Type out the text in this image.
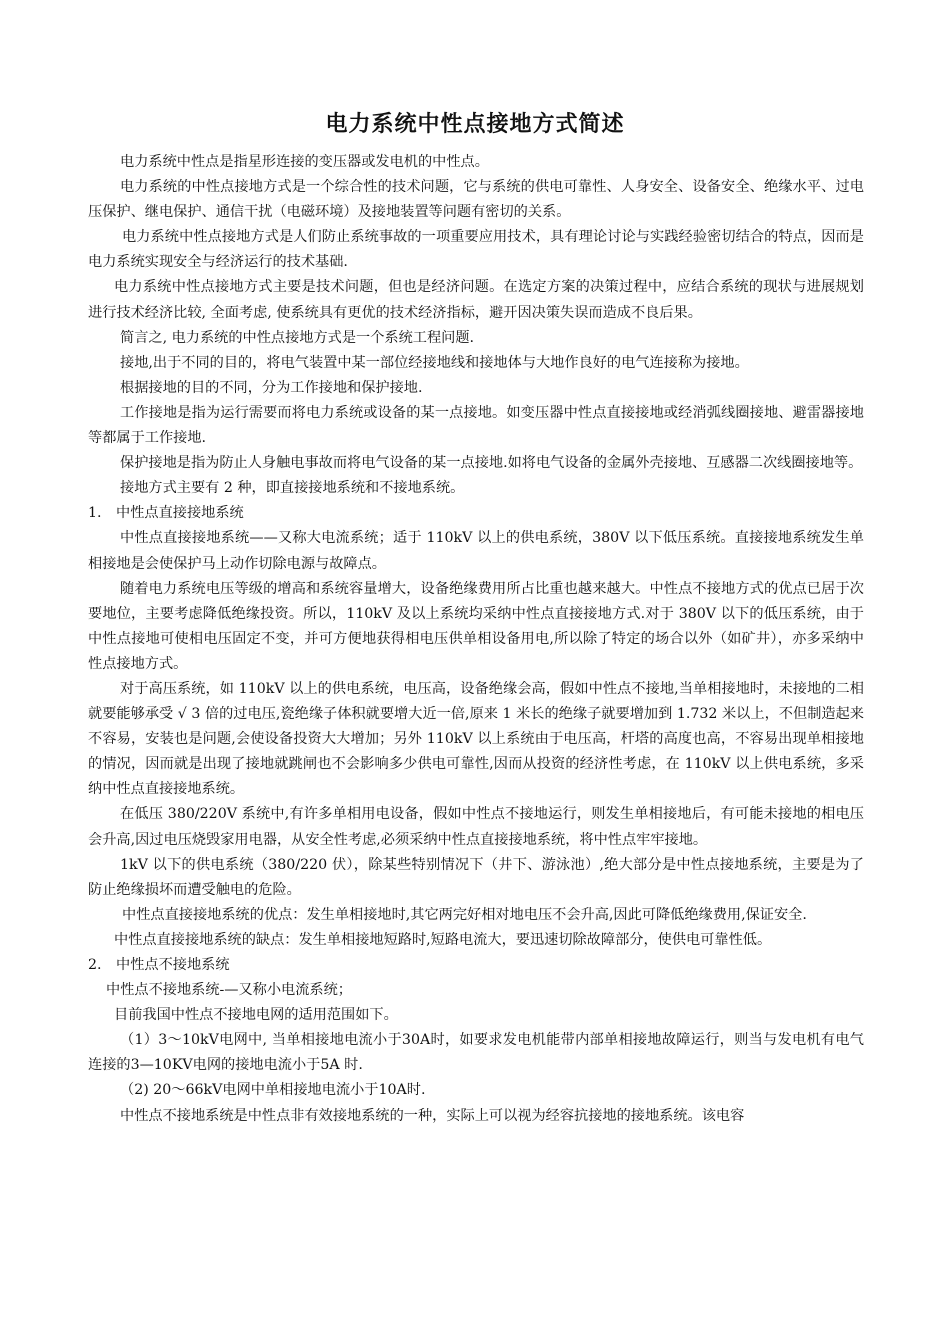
电力系统中性点接地方式简述

电力系统中性点是指星形连接的变压器或发电机的中性点。

电力系统的中性点接地方式是一个综合性的技术问题，它与系统的供电可靠性、人身安全、设备安全、绝缘水平、过电压保护、继电保护、通信干扰（电磁环境）及接地装置等问题有密切的关系。

电力系统中性点接地方式是人们防止系统事故的一项重要应用技术，具有理论讨论与实践经验密切结合的特点，因而是电力系统实现安全与经济运行的技术基础.

电力系统中性点接地方式主要是技术问题，但也是经济问题。在选定方案的决策过程中，应结合系统的现状与进展规划进行技术经济比较, 全面考虑, 使系统具有更优的技术经济指标，避开因决策失误而造成不良后果。

简言之, 电力系统的中性点接地方式是一个系统工程问题.

接地,出于不同的目的，将电气装置中某一部位经接地线和接地体与大地作良好的电气连接称为接地。

根据接地的目的不同，分为工作接地和保护接地.

工作接地是指为运行需要而将电力系统或设备的某一点接地。如变压器中性点直接接地或经消弧线圈接地、避雷器接地等都属于工作接地.

保护接地是指为防止人身触电事故而将电气设备的某一点接地.如将电气设备的金属外壳接地、互感器二次线圈接地等。

接地方式主要有 2 种，即直接接地系统和不接地系统。

1. 中性点直接接地系统

中性点直接接地系统——又称大电流系统；适于 110kV 以上的供电系统，380V 以下低压系统。直接接地系统发生单相接地是会使保护马上动作切除电源与故障点。

随着电力系统电压等级的增高和系统容量增大，设备绝缘费用所占比重也越来越大。中性点不接地方式的优点已居于次要地位，主要考虑降低绝缘投资。所以，110kV 及以上系统均采纳中性点直接接地方式.对于 380V 以下的低压系统，由于中性点接地可使相电压固定不变，并可方便地获得相电压供单相设备用电,所以除了特定的场合以外（如矿井），亦多采纳中性点接地方式。

对于高压系统，如 110kV 以上的供电系统，电压高，设备绝缘会高，假如中性点不接地,当单相接地时，未接地的二相就要能够承受 √ 3 倍的过电压,瓷绝缘子体积就要增大近一倍,原来 1 米长的绝缘子就要增加到 1.732 米以上，不但制造起来不容易，安装也是问题,会使设备投资大大增加；另外 110kV 以上系统由于电压高，杆塔的高度也高，不容易出现单相接地的情况，因而就是出现了接地就跳闸也不会影响多少供电可靠性,因而从投资的经济性考虑，在 110kV 以上供电系统，多采纳中性点直接接地系统。

在低压 380/220V 系统中,有许多单相用电设备，假如中性点不接地运行，则发生单相接地后，有可能未接地的相电压会升高,因过电压烧毁家用电器，从安全性考虑,必须采纳中性点直接接地系统，将中性点牢牢接地。

1kV 以下的供电系统（380/220 伏），除某些特别情况下（井下、游泳池）,绝大部分是中性点接地系统，主要是为了防止绝缘损坏而遭受触电的危险。

中性点直接接地系统的优点：发生单相接地时,其它两完好相对地电压不会升高,因此可降低绝缘费用,保证安全.

中性点直接接地系统的缺点：发生单相接地短路时,短路电流大，要迅速切除故障部分，使供电可靠性低。

2. 中性点不接地系统

中性点不接地系统-—又称小电流系统；

目前我国中性点不接地电网的适用范围如下。

（1）3～10kV电网中, 当单相接地电流小于30A时，如要求发电机能带内部单相接地故障运行，则当与发电机有电气连接的3—10KV电网的接地电流小于5A 时.

（2) 20～66kV电网中单相接地电流小于10A时.

中性点不接地系统是中性点非有效接地系统的一种，实际上可以视为经容抗接地的接地系统。该电容
